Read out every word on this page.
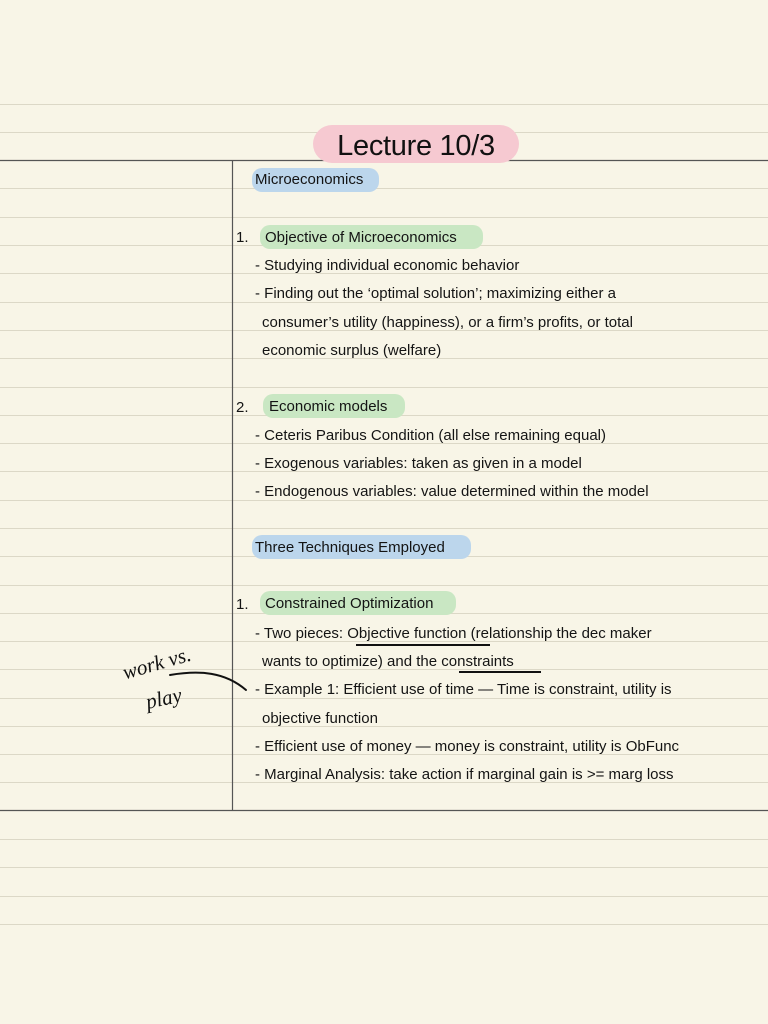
Lecture 10/3
Microeconomics
1.	Objective of Microeconomics
- Studying individual economic behavior
- Finding out the ‘optimal solution’; maximizing either a
consumer’s utility (happiness), or a firm’s profits, or total
economic surplus (welfare)
2.	Economic models
- Ceteris Paribus Condition (all else remaining equal)
- Exogenous variables: taken as given in a model
- Endogenous variables: value determined within the model
Three Techniques Employed
1.	Constrained Optimization
- Two pieces: Objective function (relationship the dec maker
wants to optimize) and the constraints
- Example 1: Efficient use of time — Time is constraint, utility is
objective function
- Efficient use of money — money is constraint, utility is ObFunc
- Marginal Analysis: take action if marginal gain is >= marg loss
work vs.
play
